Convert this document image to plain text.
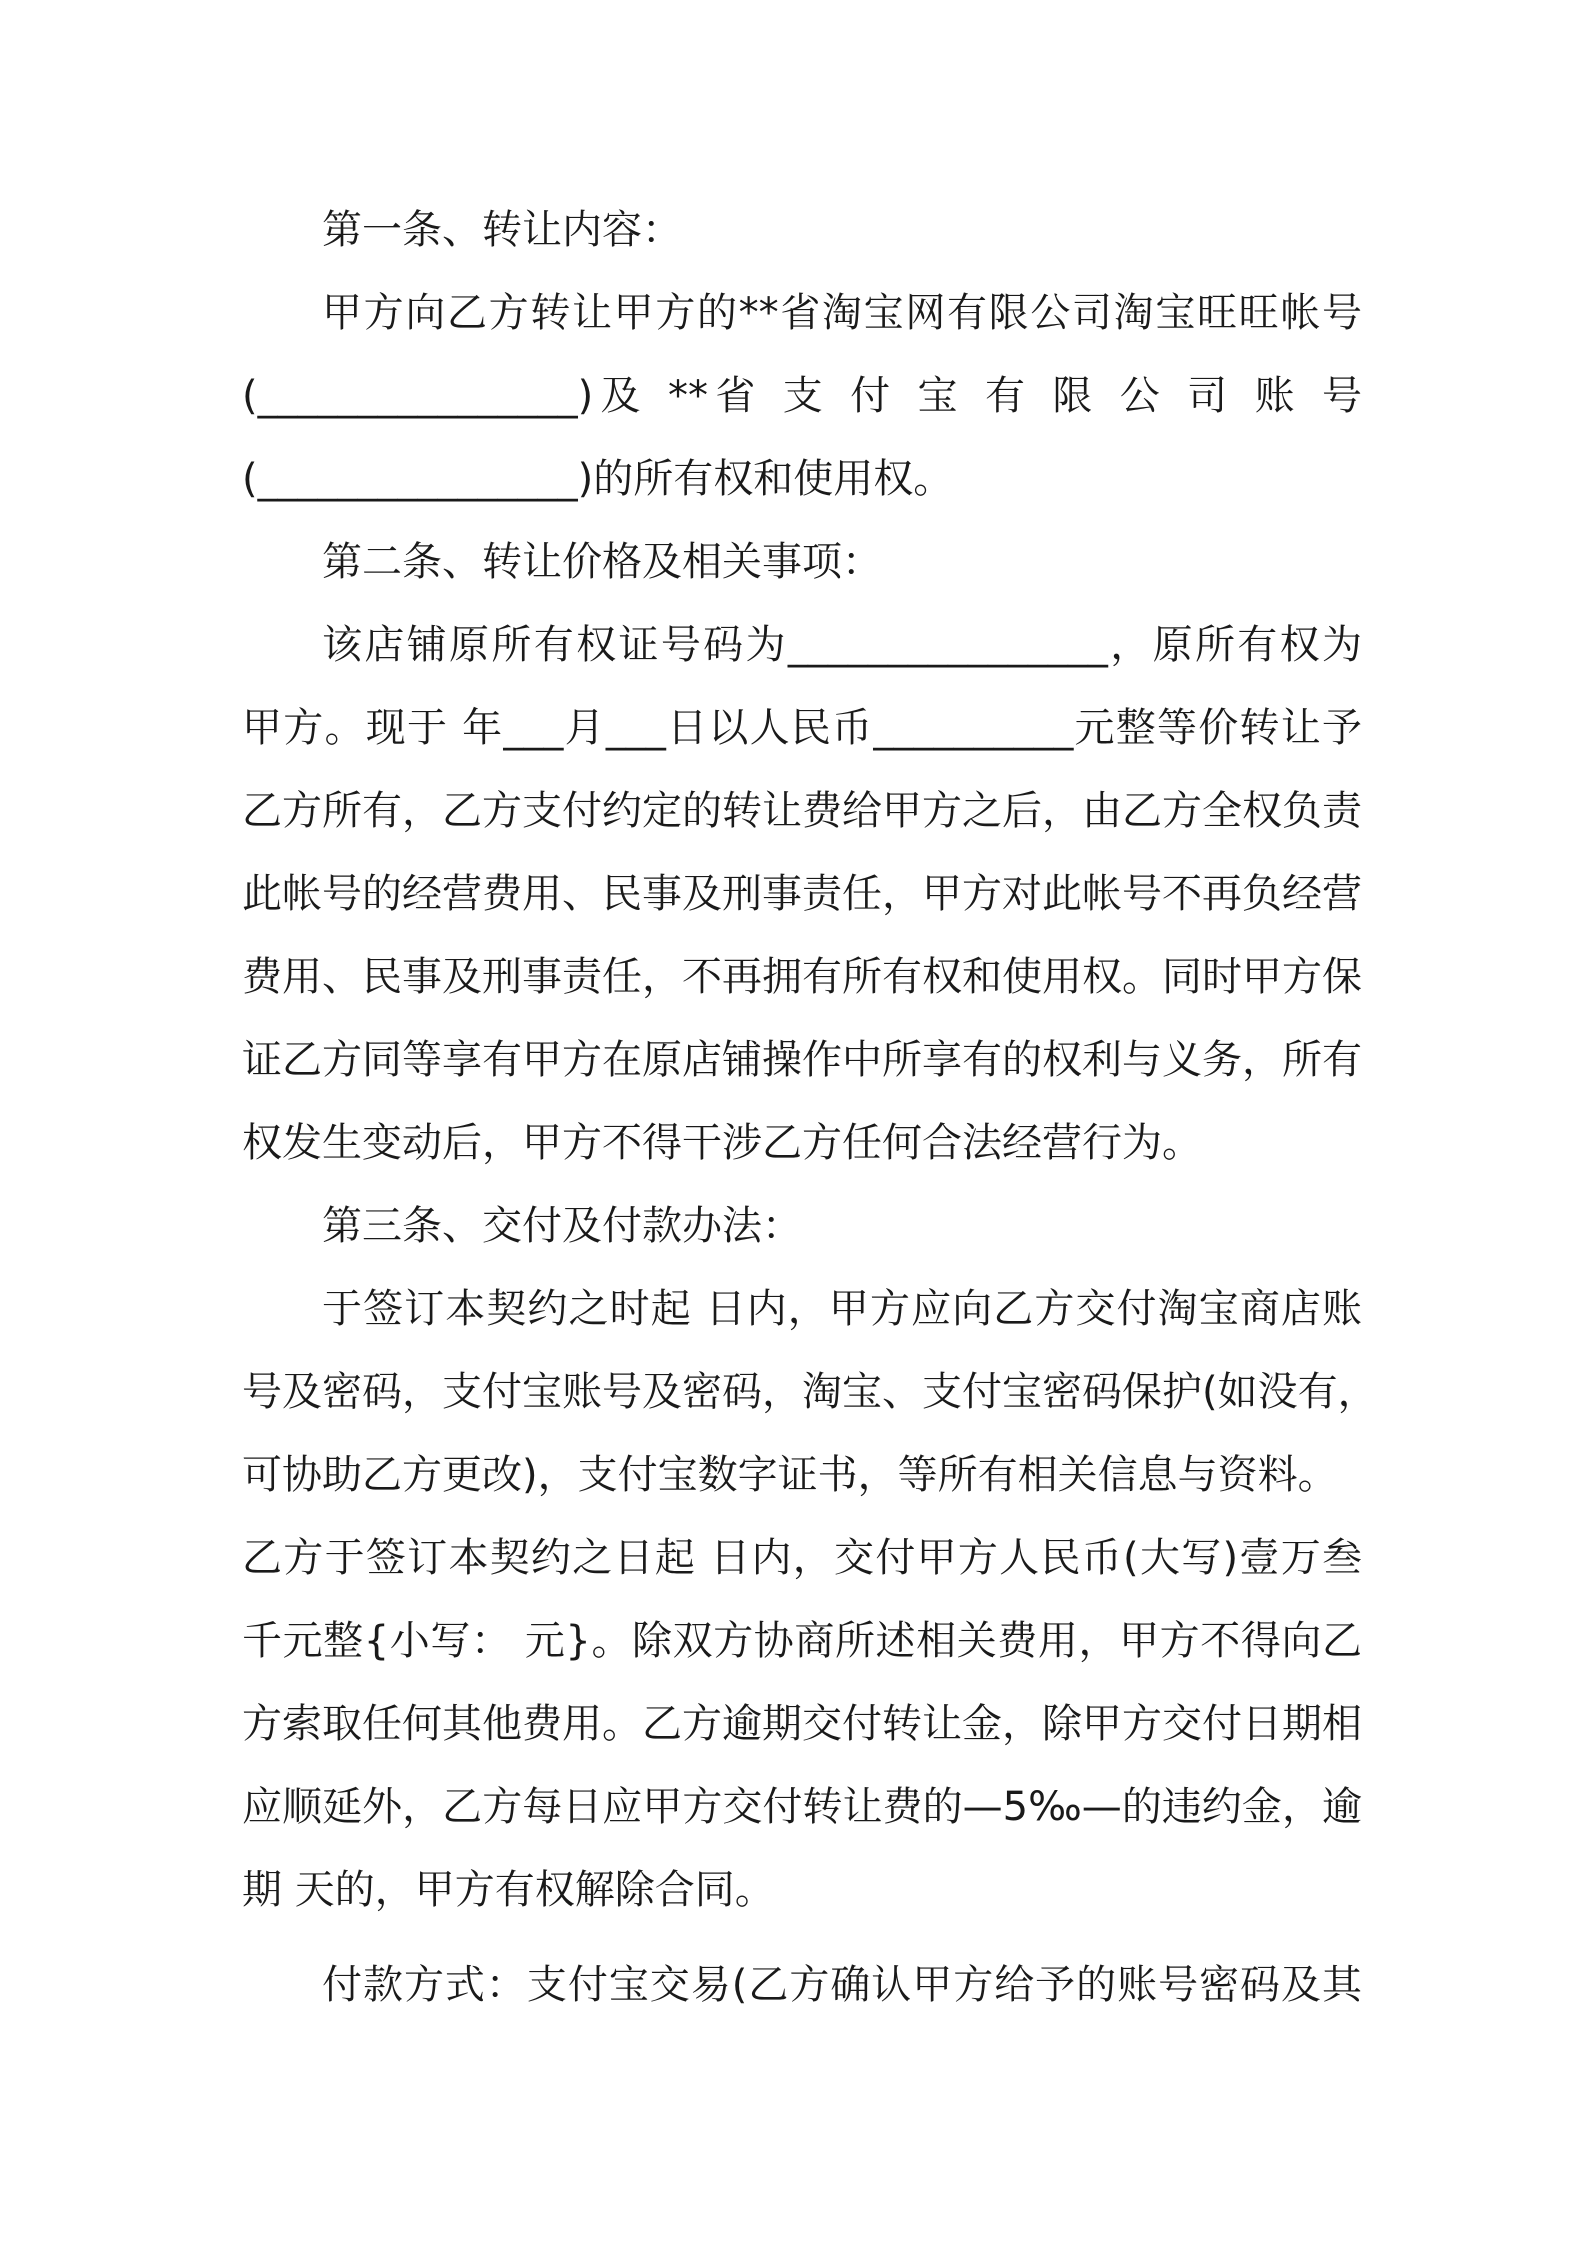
第一条、转让内容：
甲方向乙方转让甲方的**省淘宝网有限公司淘宝旺旺帐号
(________________)及 **省 支 付 宝 有 限 公 司 账 号
(________________)的所有权和使用权。
第二条、转让价格及相关事项：
该店铺原所有权证号码为________________，原所有权为
甲方。现于 年___月___日以人民币__________元整等价转让予
乙方所有，乙方支付约定的转让费给甲方之后，由乙方全权负责
此帐号的经营费用、民事及刑事责任，甲方对此帐号不再负经营
费用、民事及刑事责任，不再拥有所有权和使用权。同时甲方保
证乙方同等享有甲方在原店铺操作中所享有的权利与义务，所有
权发生变动后，甲方不得干涉乙方任何合法经营行为。
第三条、交付及付款办法：
于签订本契约之时起 日内，甲方应向乙方交付淘宝商店账
号及密码，支付宝账号及密码，淘宝、支付宝密码保护(如没有，
可协助乙方更改)，支付宝数字证书，等所有相关信息与资料。
乙方于签订本契约之日起 日内，交付甲方人民币(大写)壹万叁
千元整{小写： 元}。除双方协商所述相关费用，甲方不得向乙
方索取任何其他费用。乙方逾期交付转让金，除甲方交付日期相
应顺延外，乙方每日应甲方交付转让费的—5‰—的违约金，逾
期 天的，甲方有权解除合同。
付款方式：支付宝交易(乙方确认甲方给予的账号密码及其
